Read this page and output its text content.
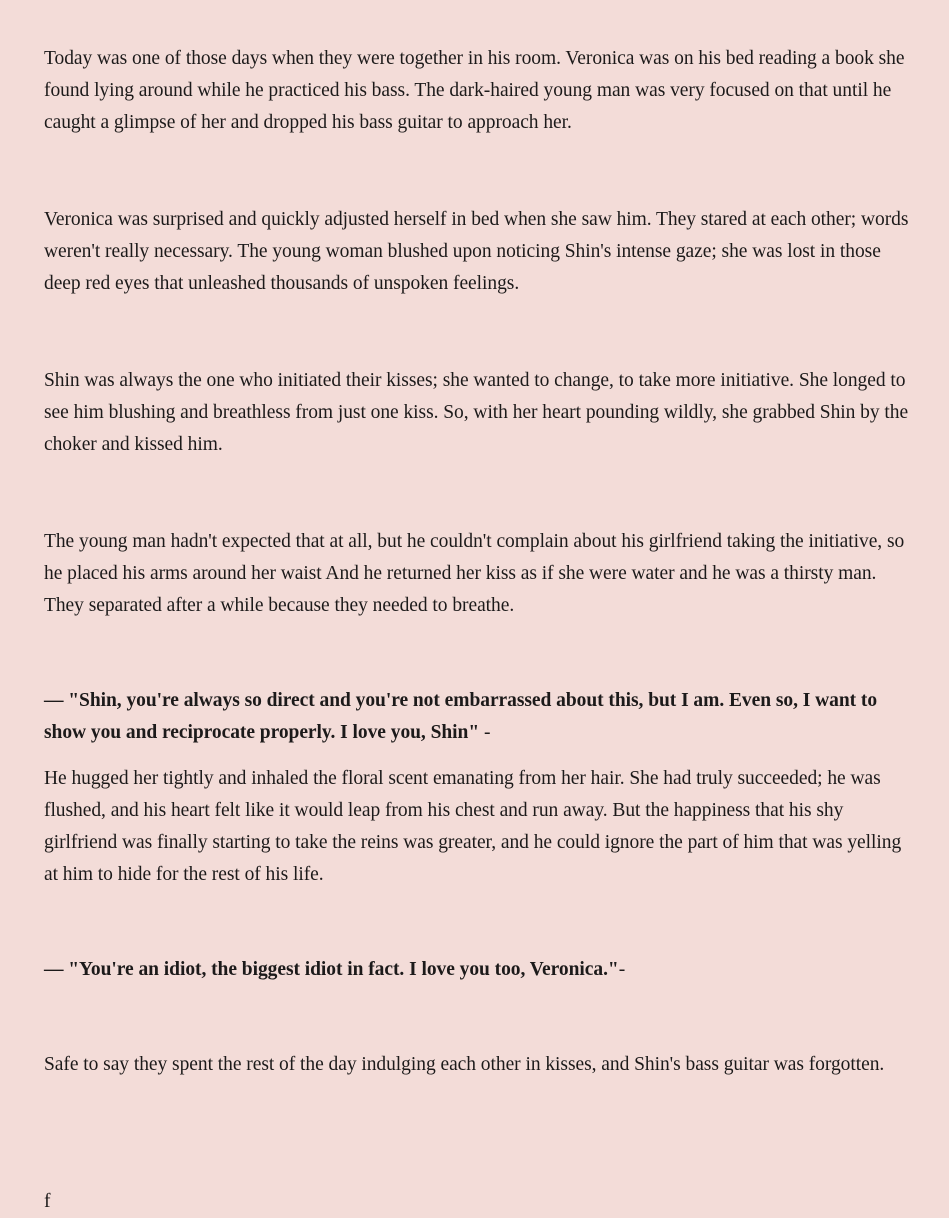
Today was one of those days when they were together in his room. Veronica was on his bed reading a book she found lying around while he practiced his bass. The dark-haired young man was very focused on that until he caught a glimpse of her and dropped his bass guitar to approach her.

Veronica was surprised and quickly adjusted herself in bed when she saw him. They stared at each other; words weren't really necessary. The young woman blushed upon noticing Shin's intense gaze; she was lost in those deep red eyes that unleashed thousands of unspoken feelings.

Shin was always the one who initiated their kisses; she wanted to change, to take more initiative. She longed to see him blushing and breathless from just one kiss. So, with her heart pounding wildly, she grabbed Shin by the choker and kissed him.

The young man hadn't expected that at all, but he couldn't complain about his girlfriend taking the initiative, so he placed his arms around her waist And he returned her kiss as if she were water and he was a thirsty man. They separated after a while because they needed to breathe.

— "Shin, you're always so direct and you're not embarrassed about this, but I am. Even so, I want to show you and reciprocate properly. I love you, Shin" -

He hugged her tightly and inhaled the floral scent emanating from her hair. She had truly succeeded; he was flushed, and his heart felt like it would leap from his chest and run away. But the happiness that his shy girlfriend was finally starting to take the reins was greater, and he could ignore the part of him that was yelling at him to hide for the rest of his life.

— "You're an idiot, the biggest idiot in fact. I love you too, Veronica."-

Safe to say they spent the rest of the day indulging each other in kisses, and Shin's bass guitar was forgotten.

f
